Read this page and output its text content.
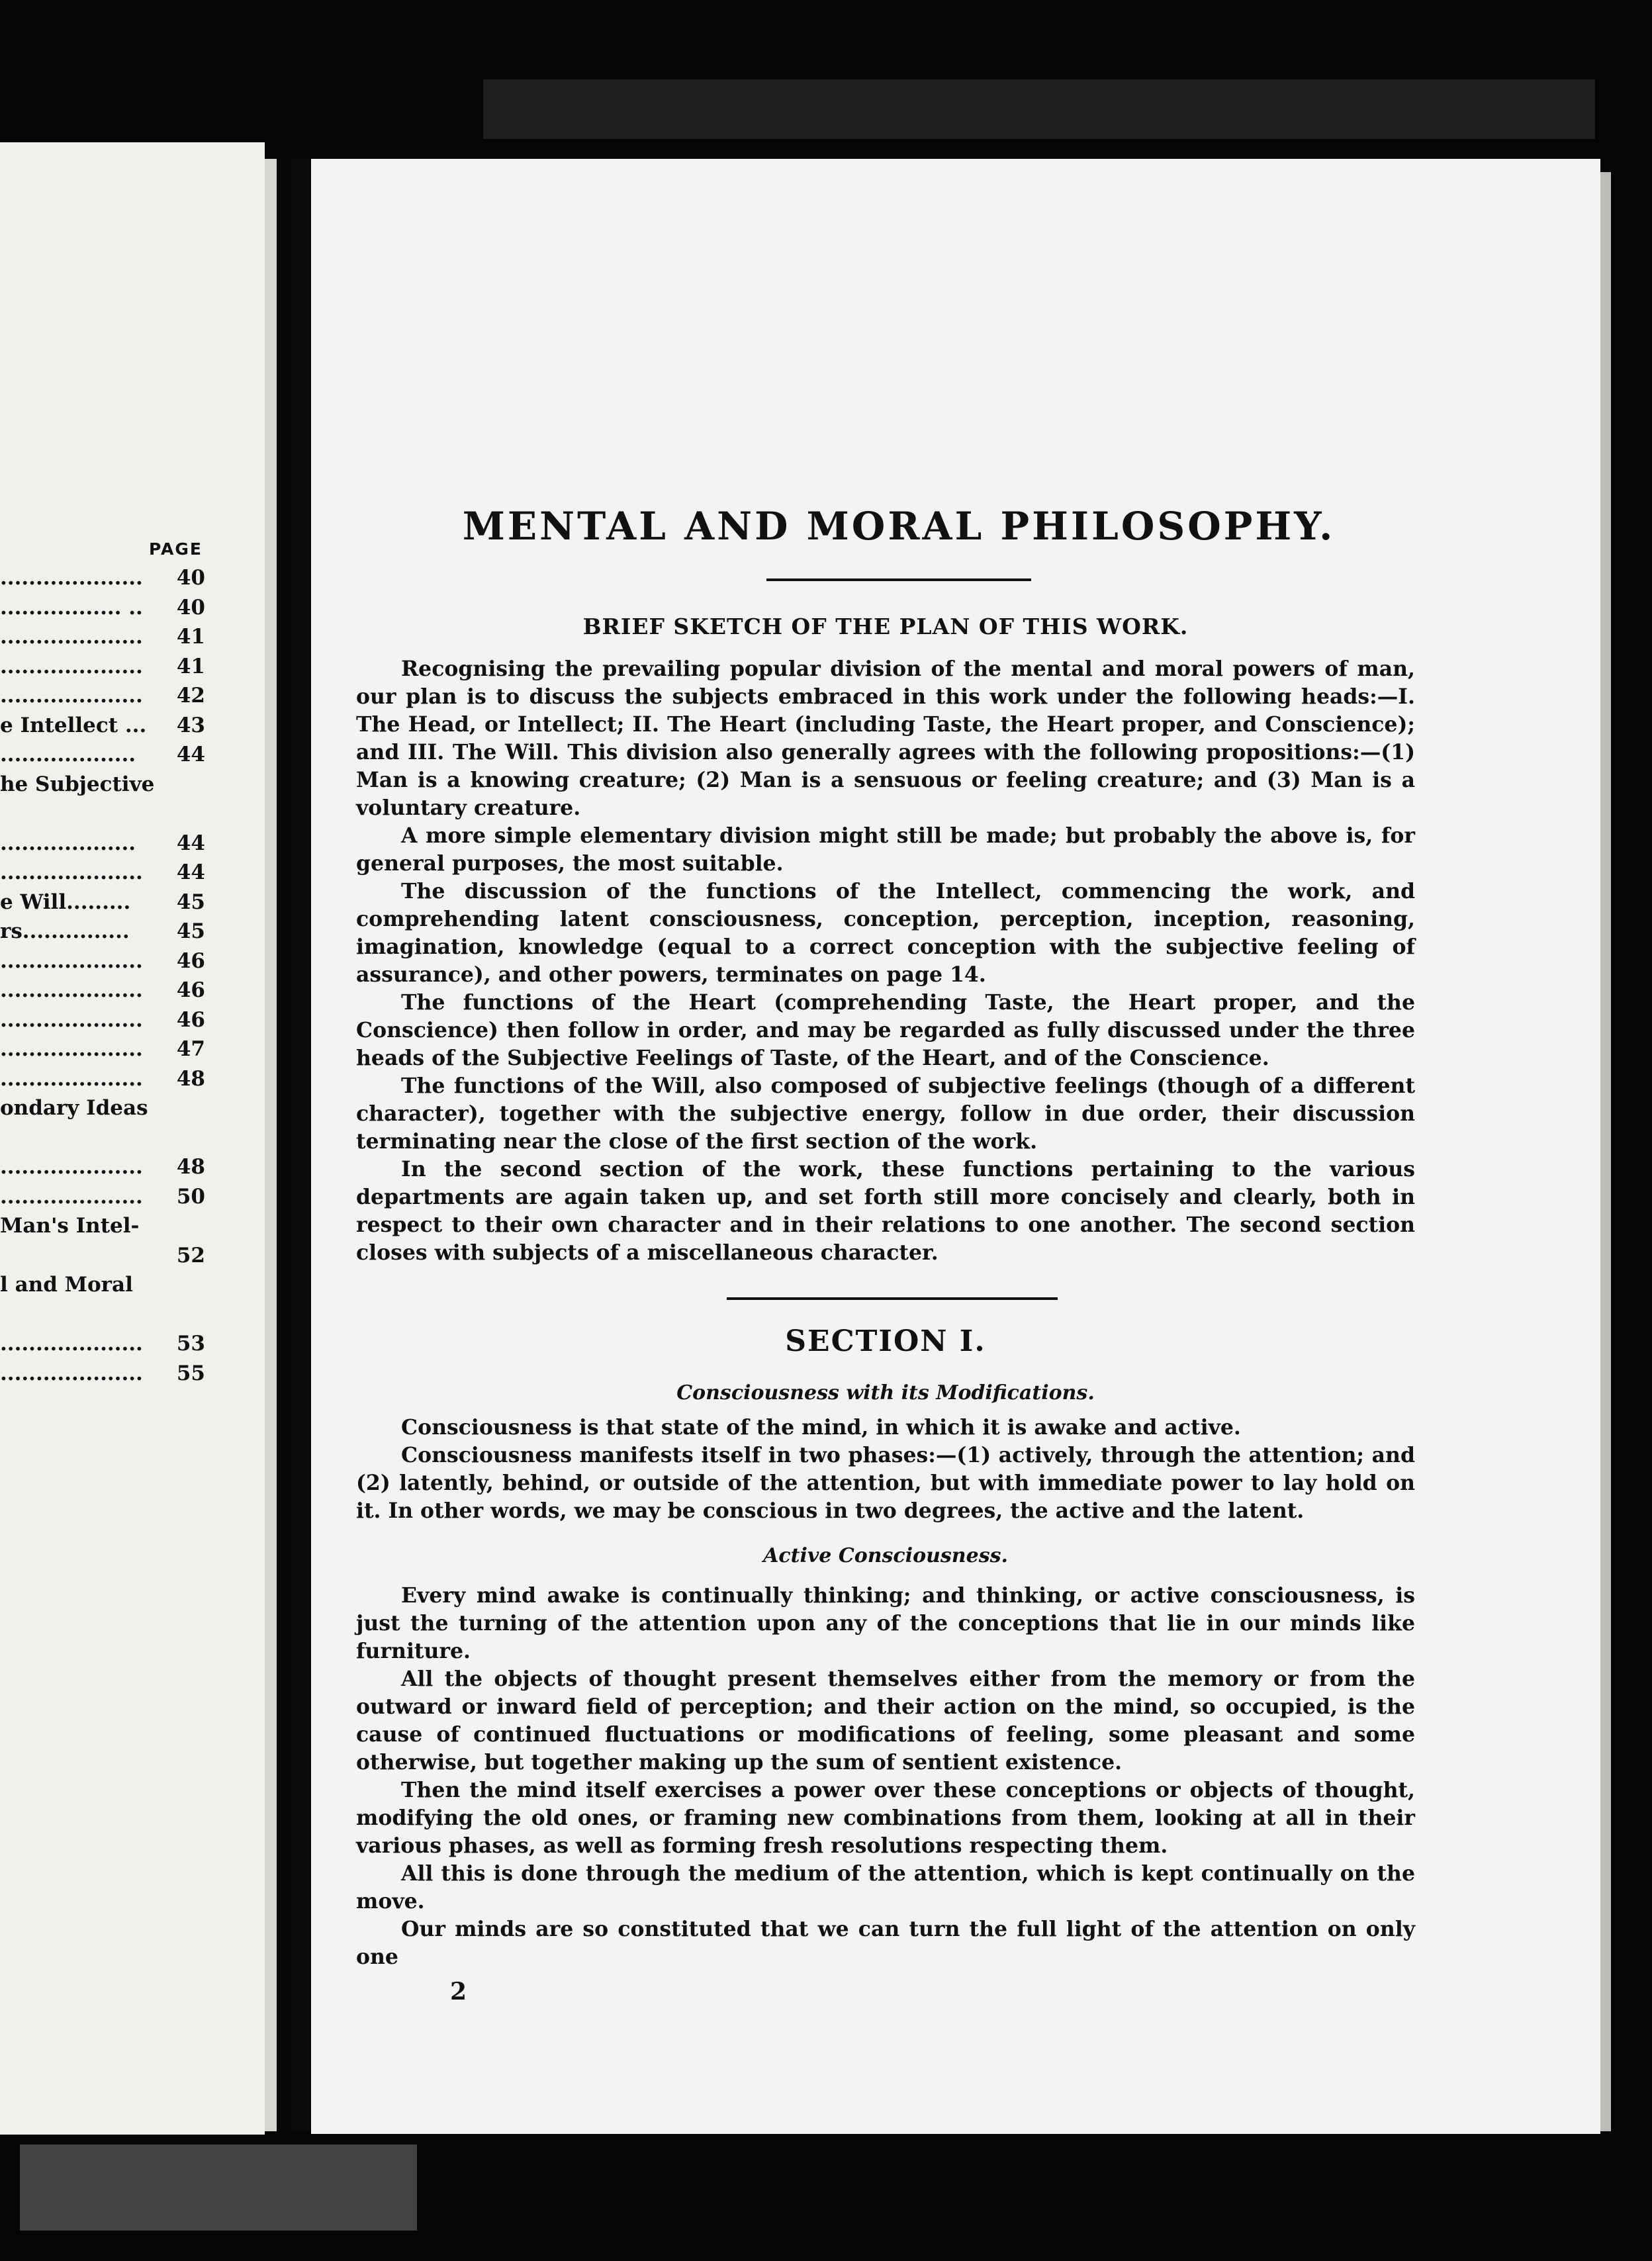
PAGE
.................... 40
................. .. 40
.................... 41
.................... 41
.................... 42
e Intellect ... 43
................... 44
he Subjective
................... 44
.................... 44
e Will......... 45
rs............... 45
.................... 46
.................... 46
.................... 46
.................... 47
.................... 48
ondary Ideas
.................... 48
.................... 50
Man's Intel-
52
l and Moral
.................... 53
.................... 55
MENTAL AND MORAL PHILOSOPHY.
BRIEF SKETCH OF THE PLAN OF THIS WORK.

Recognising the prevailing popular division of the mental and moral powers of man, our plan is to discuss the subjects embraced in this work under the following heads:—I. The Head, or Intellect; II. The Heart (including Taste, the Heart proper, and Conscience); and III. The Will. This division also generally agrees with the following propositions:—(1) Man is a knowing creature; (2) Man is a sensuous or feeling creature; and (3) Man is a voluntary creature.

A more simple elementary division might still be made; but probably the above is, for general purposes, the most suitable.

The discussion of the functions of the Intellect, commencing the work, and comprehending latent consciousness, conception, perception, inception, reasoning, imagination, knowledge (equal to a correct conception with the subjective feeling of assurance), and other powers, terminates on page 14.

The functions of the Heart (comprehending Taste, the Heart proper, and the Conscience) then follow in order, and may be regarded as fully discussed under the three heads of the Subjective Feelings of Taste, of the Heart, and of the Conscience.

The functions of the Will, also composed of subjective feelings (though of a different character), together with the subjective energy, follow in due order, their discussion terminating near the close of the first section of the work.

In the second section of the work, these functions pertaining to the various departments are again taken up, and set forth still more concisely and clearly, both in respect to their own character and in their relations to one another. The second section closes with subjects of a miscellaneous character.

SECTION I.
Consciousness with its Modifications.

Consciousness is that state of the mind, in which it is awake and active.

Consciousness manifests itself in two phases:—(1) actively, through the attention; and (2) latently, behind, or outside of the attention, but with immediate power to lay hold on it. In other words, we may be conscious in two degrees, the active and the latent.

Active Consciousness.

Every mind awake is continually thinking; and thinking, or active consciousness, is just the turning of the attention upon any of the conceptions that lie in our minds like furniture.

All the objects of thought present themselves either from the memory or from the outward or inward field of perception; and their action on the mind, so occupied, is the cause of continued fluctuations or modifications of feeling, some pleasant and some otherwise, but together making up the sum of sentient existence.

Then the mind itself exercises a power over these conceptions or objects of thought, modifying the old ones, or framing new combinations from them, looking at all in their various phases, as well as forming fresh resolutions respecting them.

All this is done through the medium of the attention, which is kept continually on the move.

Our minds are so constituted that we can turn the full light of the attention on only one

2
